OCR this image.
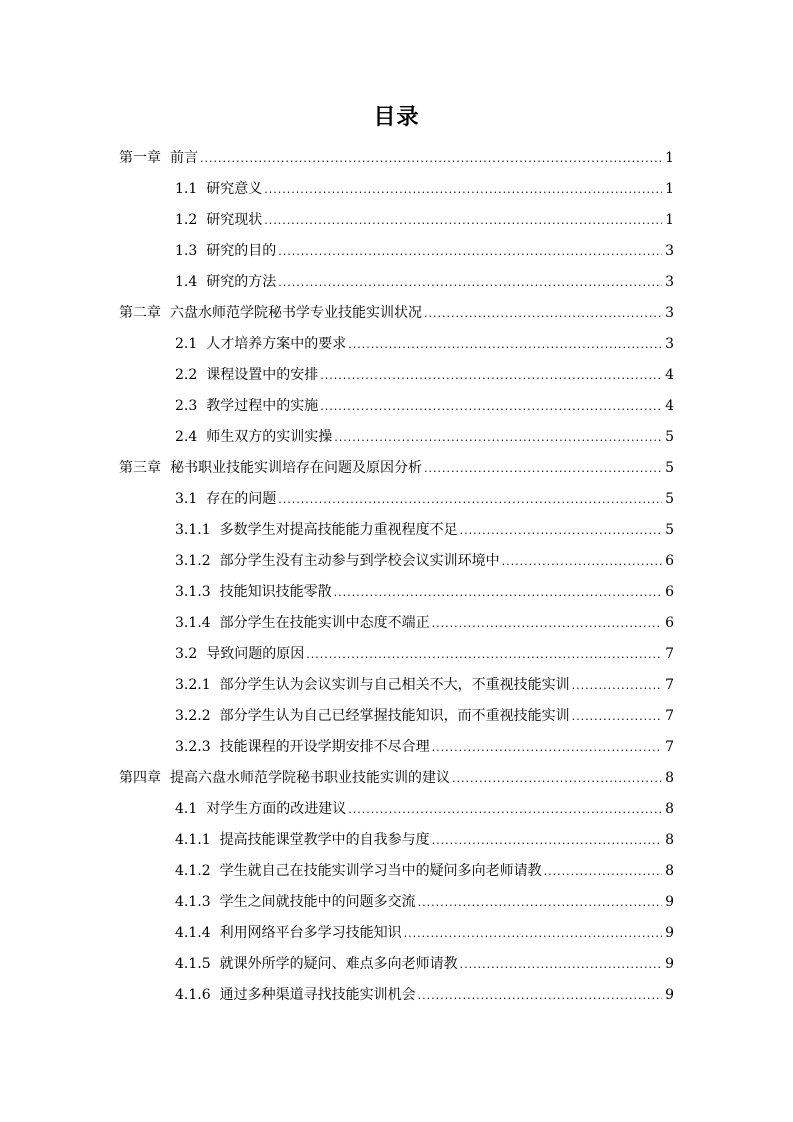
目录
第一章 前言 .....	1
1.1 研究意义 .....	1
1.2 研究现状 .....	1
1.3 研究的目的 .....	3
1.4 研究的方法 .....	3
第二章 六盘水师范学院秘书学专业技能实训状况 .....	3
2.1 人才培养方案中的要求 .....	3
2.2 课程设置中的安排 .....	4
2.3 教学过程中的实施 .....	4
2.4 师生双方的实训实操 .....	5
第三章 秘书职业技能实训培存在问题及原因分析 .....	5
3.1 存在的问题 .....	5
3.1.1 多数学生对提高技能能力重视程度不足 .....	5
3.1.2 部分学生没有主动参与到学校会议实训环境中 .....	6
3.1.3 技能知识技能零散 .....	6
3.1.4 部分学生在技能实训中态度不端正 .....	6
3.2 导致问题的原因 .....	7
3.2.1 部分学生认为会议实训与自己相关不大，不重视技能实训 .....	7
3.2.2 部分学生认为自己已经掌握技能知识，而不重视技能实训 .....	7
3.2.3 技能课程的开设学期安排不尽合理 .....	7
第四章 提高六盘水师范学院秘书职业技能实训的建议 .....	8
4.1 对学生方面的改进建议 .....	8
4.1.1 提高技能课堂教学中的自我参与度 .....	8
4.1.2 学生就自己在技能实训学习当中的疑问多向老师请教 .....	8
4.1.3 学生之间就技能中的问题多交流 .....	9
4.1.4 利用网络平台多学习技能知识 .....	9
4.1.5 就课外所学的疑问、难点多向老师请教 .....	9
4.1.6 通过多种渠道寻找技能实训机会 .....	9
